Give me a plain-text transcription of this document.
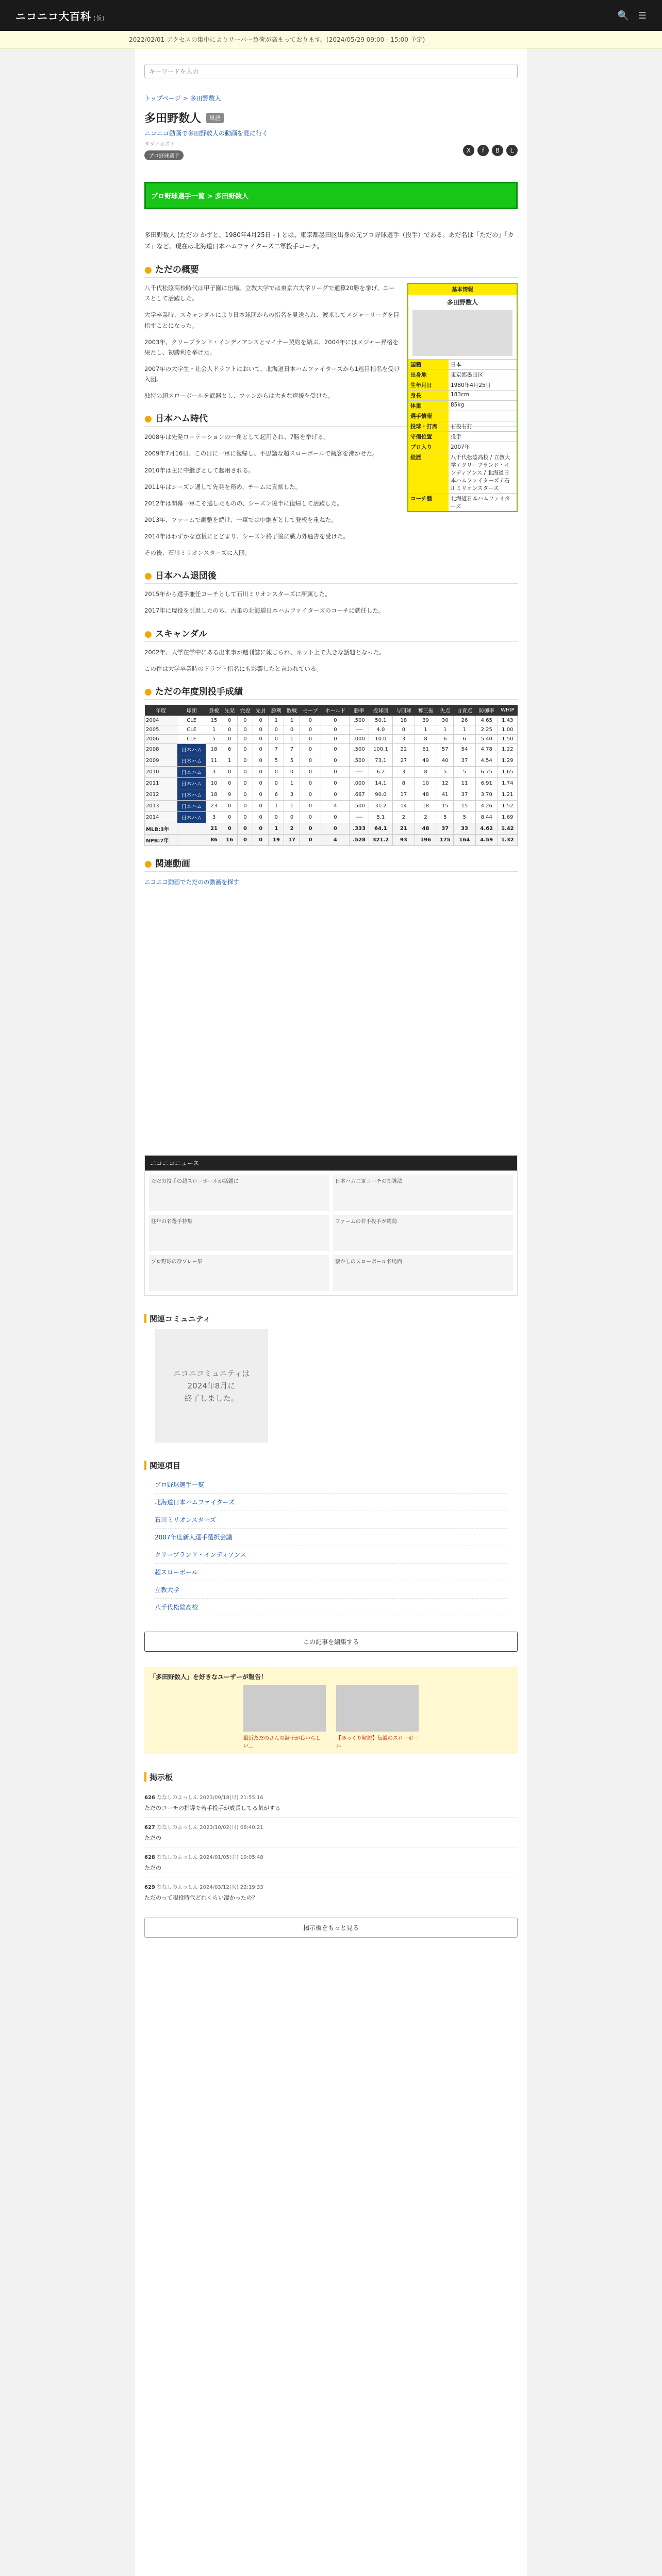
ニコニコ大百科 (仮)	🔍 ☰
2022/02/01 アクセスの集中によりサーバー負荷が高まっております。(2024/05/29 09:00 - 15:00 予定)
キーワードを入力
トップページ > 多田野数人
多田野数人	単語
ニコニコ動画で多田野数人の動画を見に行く
タダノカズト
プロ野球選手
X	f	B	L
プロ野球選手一覧 > 多田野数人
多田野数人 (ただの かずと、1980年4月25日 - ) とは、東京都墨田区出身の元プロ野球選手（投手）である。あだ名は「ただの」「カズ」など。現在は北海道日本ハムファイターズ二軍投手コーチ。
● ただの概要
基本情報
多田野数人
国籍	日本
出身地	東京都墨田区
生年月日	1980年4月25日
身長	183cm
体重	85kg
選手情報	
投球・打席	右投右打
守備位置	投手
プロ入り	2007年
経歴	八千代松陰高校 / 立教大学 / クリーブランド・インディアンス / 北海道日本ハムファイターズ / 石川ミリオンスターズ
コーチ歴	北海道日本ハムファイターズ

八千代松陰高校時代は甲子園に出場。立教大学では東京六大学リーグで通算20勝を挙げ、エースとして活躍した。

大学卒業時、スキャンダルにより日本球団からの指名を見送られ、渡米してメジャーリーグを目指すことになった。

2003年、クリーブランド・インディアンスとマイナー契約を結ぶ。2004年にはメジャー昇格を果たし、初勝利を挙げた。

2007年の大学生・社会人ドラフトにおいて、北海道日本ハムファイターズから1巡目指名を受け入団。

独特の超スローボールを武器とし、ファンからは大きな声援を受けた。

● 日本ハム時代

2008年は先発ローテーションの一角として起用され、7勝を挙げる。

2009年7月16日、この日に一軍に復帰し、不思議な超スローボールで観客を沸かせた。

2010年は主に中継ぎとして起用される。

2011年はシーズン通して先発を務め、チームに貢献した。

2012年は開幕一軍こそ逃したものの、シーズン後半に復帰して活躍した。

2013年、ファームで調整を続け、一軍では中継ぎとして登板を重ねた。

2014年はわずかな登板にとどまり、シーズン終了後に戦力外通告を受けた。

その後、石川ミリオンスターズに入団。

● 日本ハム退団後

2015年から選手兼任コーチとして石川ミリオンスターズに所属した。

2017年に現役を引退したのち、古巣の北海道日本ハムファイターズのコーチに就任した。

● スキャンダル

2002年、大学在学中にある出来事が週刊誌に報じられ、ネット上で大きな話題となった。

この件は大学卒業時のドラフト指名にも影響したと言われている。

● ただの年度別投手成績
年度	球団	登板	先発	完投	完封	勝利	敗戦	セーブ	ホールド	勝率	投球回	与四球	奪三振	失点	自責点	防御率	WHIP
2004	CLE	15	0	0	0	1	1	0	0	.500	50.1	18	39	30	26	4.65	1.43
2005	CLE	1	0	0	0	0	0	0	0	----	4.0	0	1	1	1	2.25	1.00
2006	CLE	5	0	0	0	0	1	0	0	.000	10.0	3	8	6	6	5.40	1.50
2008	日本ハム	18	6	0	0	7	7	0	0	.500	100.1	22	61	57	54	4.78	1.22
2009	日本ハム	11	1	0	0	5	5	0	0	.500	73.1	27	49	40	37	4.54	1.29
2010	日本ハム	3	0	0	0	0	0	0	0	----	6.2	3	8	5	5	6.75	1.65
2011	日本ハム	10	0	0	0	0	1	0	0	.000	14.1	8	10	12	11	6.91	1.74
2012	日本ハム	18	9	0	0	6	3	0	0	.667	90.0	17	48	41	37	3.70	1.21
2013	日本ハム	23	0	0	0	1	1	0	4	.500	31.2	14	18	15	15	4.26	1.52
2014	日本ハム	3	0	0	0	0	0	0	0	----	5.1	2	2	5	5	8.44	1.69
MLB:3年		21	0	0	0	1	2	0	0	.333	64.1	21	48	37	33	4.62	1.42
NPB:7年		86	16	0	0	19	17	0	4	.528	321.2	93	196	175	164	4.59	1.32
● 関連動画
ニコニコ動画でただのの動画を探す
ニコニコニュース
ただの投手の超スローボールが話題に	日本ハム二軍コーチの指導法
往年の名選手特集	ファームの若手投手が躍動
プロ野球の珍プレー集	懐かしのスローボール名場面
関連コミュニティ
ニコニコミュニティは
2024年8月に
終了しました。
関連項目
プロ野球選手一覧
北海道日本ハムファイターズ
石川ミリオンスターズ
2007年度新人選手選択会議
クリーブランド・インディアンス
超スローボール
立教大学
八千代松陰高校
この記事を編集する
「多田野数人」を好きなユーザーが報告！
最近ただのさんの調子が良いらしい…
【ゆっくり解説】伝説のスローボール
掲示板
626 ななしのよっしん 2023/09/18(月) 21:55:16
ただのコーチの指導で若手投手が成長してる気がする
627 ななしのよっしん 2023/10/02(月) 08:40:21
ただの
628 ななしのよっしん 2024/01/05(金) 19:05:48
ただの
629 ななしのよっしん 2024/03/12(火) 22:19:33
ただのって現役時代どれくらい凄かったの？
掲示板をもっと見る
